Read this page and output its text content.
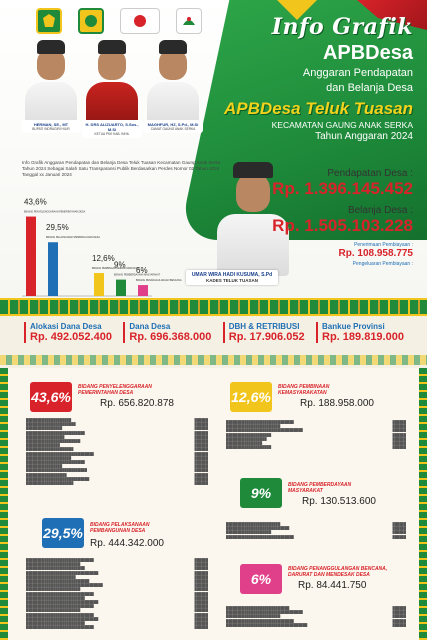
HERMAN, SE., MT
BUPATI INDRAGIRI HILIR
H. DRS ALIZUARTO, S.Sos., M.Si
KETUA PKK KAB. INHIL
MAGHFUR, HZ, S.Pd., M.Si
CAMAT GAUNG ANAK SERKA
Info Grafik
APBDesa
Anggaran Pendapatan
dan Belanja Desa
APBDesa Teluk Tuasan
KECAMATAN GAUNG ANAK SERKA
Tahun Anggaran 2024
Info Grafik Anggaran Pendapatan dan Belanja Desa Teluk Tuasan Kecamatan Gaung Anak Serka Tahun 2024 Sebagai Salah Satu Transparansi Publik Berdasarkan Perdes Nomor 02 Tahun 2024 Tanggal xx Januari 2024
43,6%
BIDANG PENYELENGGARAAN PEMERINTAHAN DESA
29,5%
BIDANG PELAKSANAAN PEMBANGUNAN DESA
12,6%
BIDANG PEMBINAAN KEMASYARAKATAN
9%
BIDANG PEMBERDAYAAN MASYARAKAT
6%
BIDANG PENANGGULANGAN BENCANA
UMAR WIRA HADI KUSUMA, S.Pd
KADES TELUK TUASAN
Pendapatan Desa :
Rp. 1.396.145.452
Belanja Desa :
Rp. 1.505.103.228
Penerimaan Pembiayaan :
Rp. 108.958.775
Pengeluaran Pembiayaan :
Alokasi Dana Desa
Rp. 492.052.400
Dana Desa
Rp. 696.368.000
DBH & RETRIBUSI
Rp. 17.906.052
Bankue Provinsi
Rp. 189.819.000
43,6%
BIDANG PENYELENGGARAAN
PEMERINTAHAN DESA
Rp. 656.820.878
████████████████████	██████
██████████████████████	██████
████████████████	██████
██████████████████████████	██████
█████████████████	██████
████████████████████████	██████
███████████████	██████
█████████████████████	██████
██████████████████████████████	██████
████████████████████	██████
██████████████████████████	██████
████████████████	██████
███████████████████████████	██████
██████████████████	██████
████████████████████████████	██████
█████████████████████	██████
12,6%
BIDANG PEMBINAAN
KEMASYARAKATAN
Rp. 188.958.000
██████████████████████████████	██████
████████████████████████	██████
██████████████████████████████████	██████
████████████████████	██████
██████████████████	██████
████████████████	██████
████████████████████	██████
9%	BIDANG PEMBERDAYAAN
MASYARAKAT
Rp. 130.513.600
████████████████████████	██████
████████████████████████████	██████
████████████████████	██████
██████████████████████████████	██████
29,5% BIDANG PELAKSANAAN
PEMBANGUNAN DESA
Rp. 444.342.000
██████████████████████████████	██████
████████████████████████	██████
██████████████████████████	██████
████████████████████████████████	██████
██████████████████████	██████
████████████████████████████	██████
██████████████████████████████████	██████
████████████████████████	██████
██████████████████████████████	██████
██████████████████████████	██████
████████████████████████████████	██████
██████████████████████████████	██████
████████████████████████	██████
██████████████████████████████	██████
████████████████████████████████	██████
██████████████████████████	██████
██████████████████████████████	██████
6%
BIDANG PENANGGULANGAN BENCANA,
DARURAT DAN MENDESAK DESA
Rp. 84.441.750
████████████████████████████	██████
██████████████████████████████████	██████
████████████████████████	██████
██████████████████████████████	██████
████████████████████████████████████	██████
